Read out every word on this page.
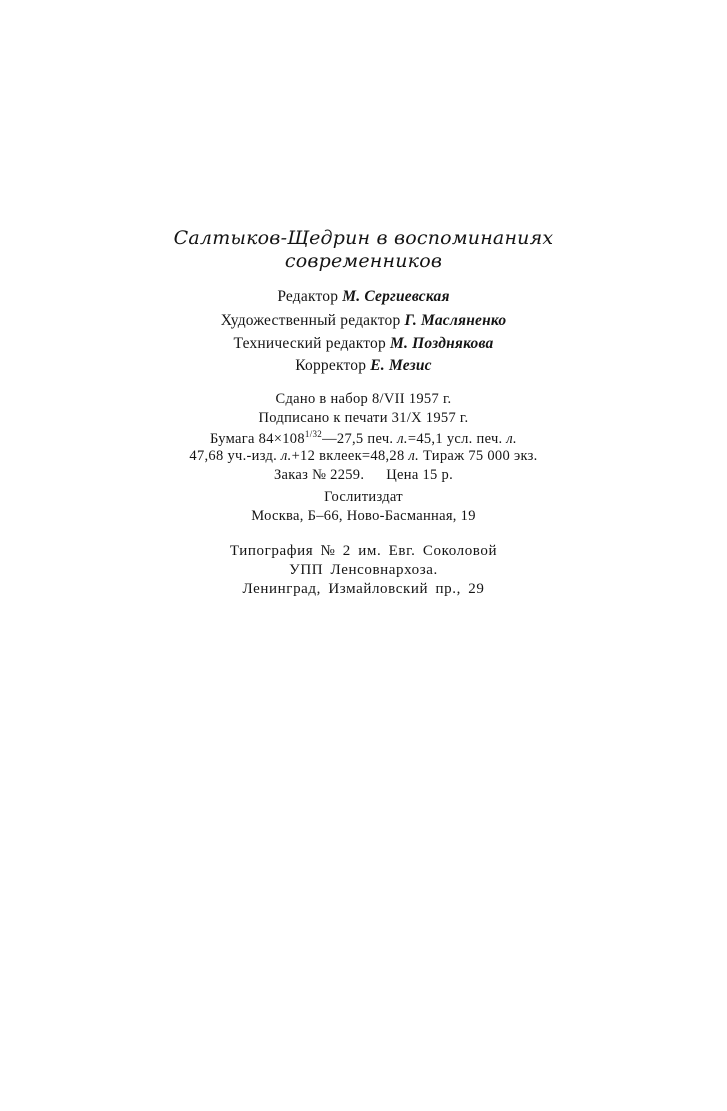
Салтыков-Щедрин в воспоминаниях
современников
Редактор М. Сергиевская
Художественный редактор Г. Масляненко
Технический редактор М. Позднякова
Корректор Е. Мезис
Сдано в набор 8/VII 1957 г.
Подписано к печати 31/X 1957 г.
Бумага $84\times 108^{1/32}—27,5$ печ. л.=45,1 усл. печ. л.
47,68 уч.-изд. л.+12 вклеек=48,28 л. Тираж 75 000 экз.
Заказ № 2259. Цена 15 р.
Гослитиздат
Москва, Б–66, Ново-Басманная, 19
Типография № 2 им. Евг. Соколовой
УПП Ленсовнархоза.
Ленинград, Измайловский пр., 29
